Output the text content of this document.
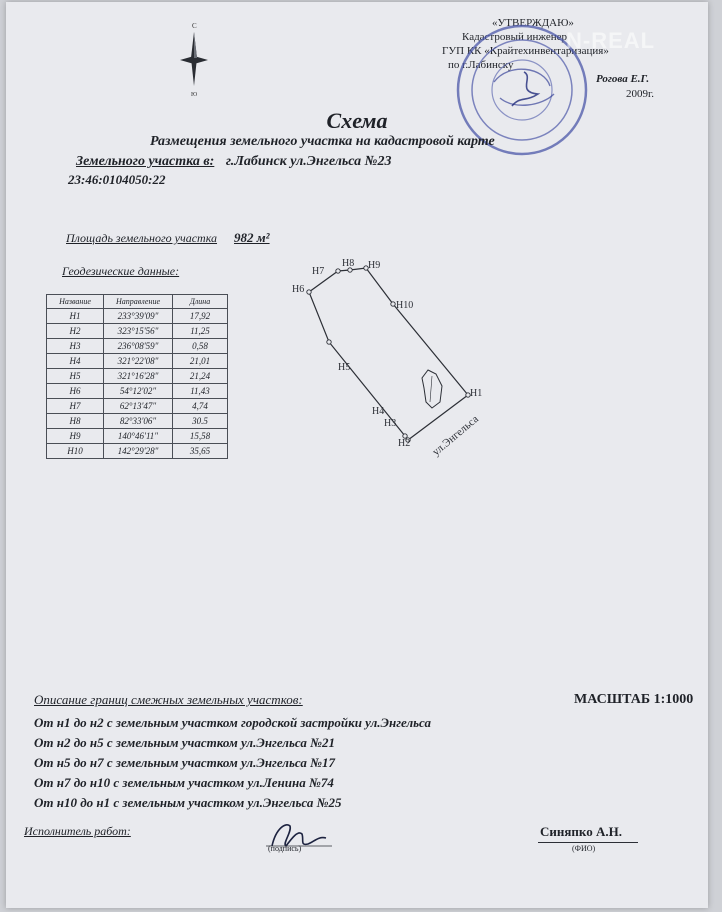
С
Ю
«УТВЕРЖДАЮ»
Кадастровый инженер
ГУП КК «Крайтехинвентаризация»
по г.Лабинску
Рогова Е.Г.
2009г.
N-REAL
Схема
Размещения земельного участка на кадастровой карте
Земельного участка в: г.Лабинск ул.Энгельса №23
23:46:0104050:22
Площадь земельного участка 982 м²
Геодезические данные:
Название	Направление	Длина
Н1	233°39'09"	17,92
Н2	323°15'56"	11,25
Н3	236°08'59"	0,58
Н4	321°22'08"	21,01
Н5	321°16'28"	21,24
Н6	54°12'02"	11,43
Н7	62°13'47"	4,74
Н8	82°33'06"	30.5
Н9	140°46'11"	15,58
Н10	142°29'28"	35,65
Н1
Н2
Н3
Н4
Н5
Н6
Н7
Н8 Н9
Н10
ул.Энгельса
Описание границ смежных земельных участков:	МАСШТАБ 1:1000
От н1 до н2 с земельным участком городской застройки ул.Энгельса
От н2 до н5 с земельным участком ул.Энгельса №21
От н5 до н7 с земельным участком ул.Энгельса №17
От н7 до н10 с земельным участком ул.Ленина №74
От н10 до н1 с земельным участком ул.Энгельса №25
Исполнитель работ:
(подпись)
Синяпко А.Н.
(ФИО)
